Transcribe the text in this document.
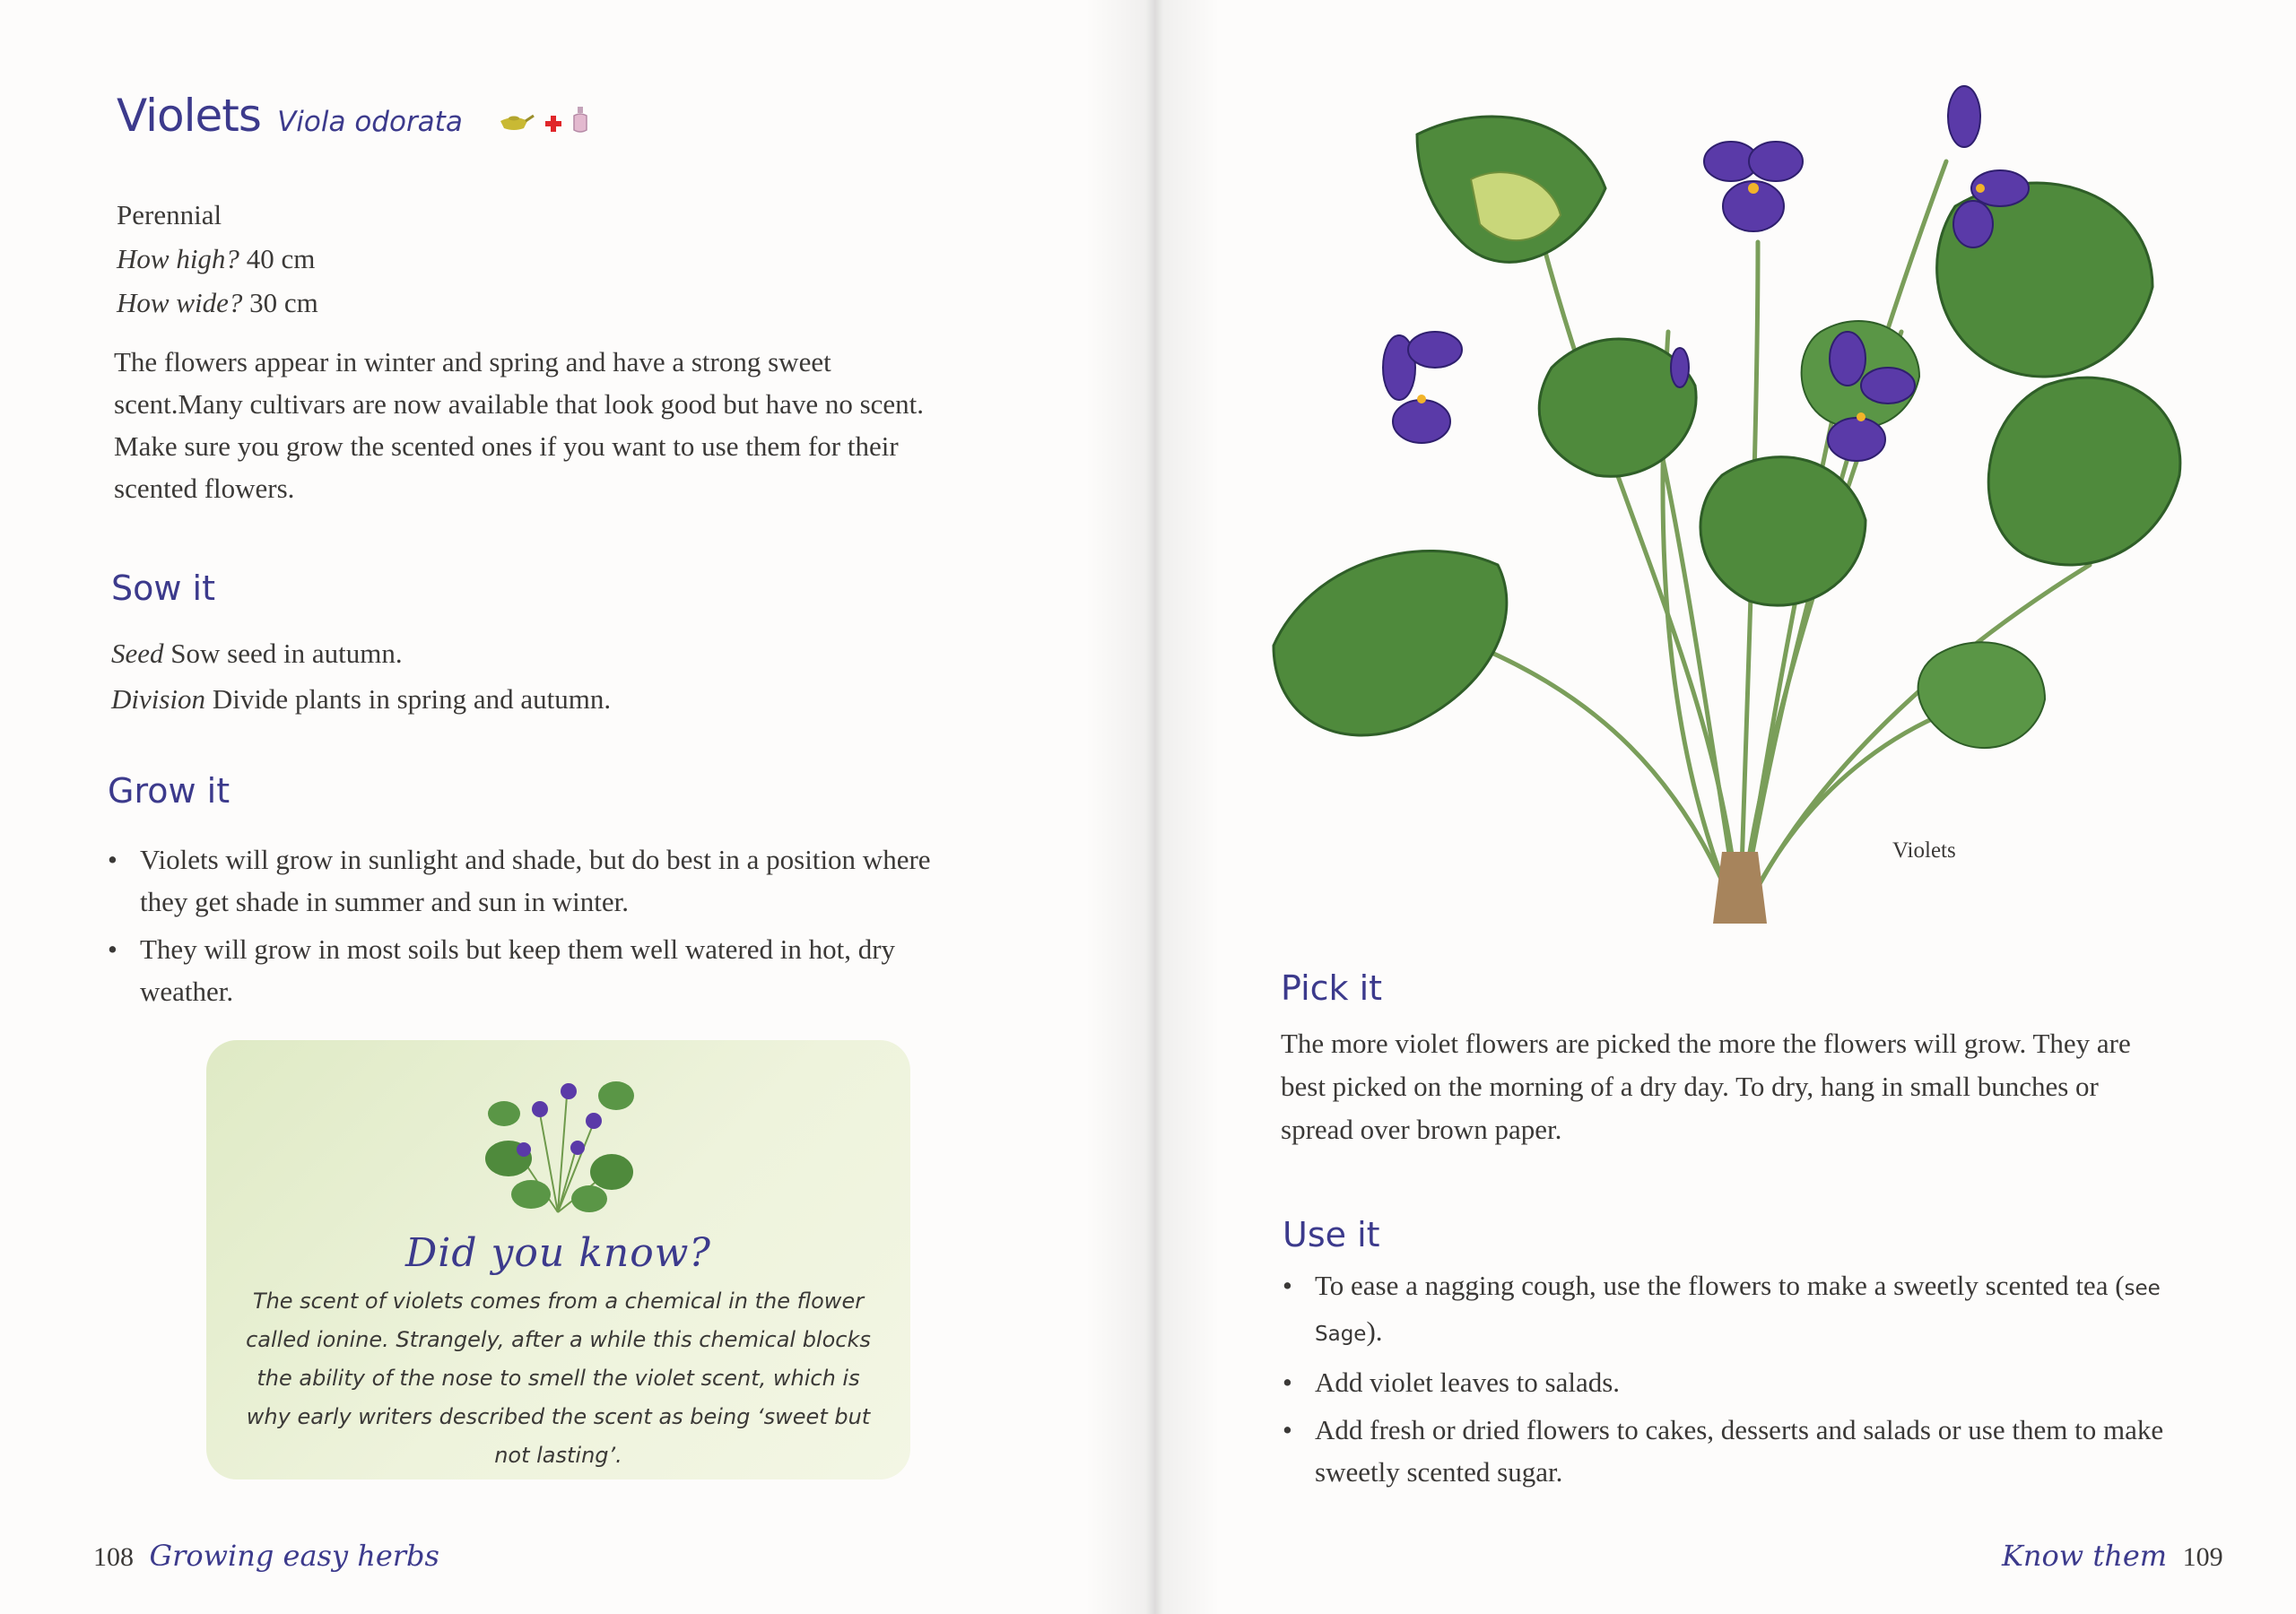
Violets Viola odorata
Perennial
How high? 40 cm
How wide? 30 cm

The flowers appear in winter and spring and have a strong sweet scent.Many cultivars are now available that look good but have no scent. Make sure you grow the scented ones if you want to use them for their scented flowers.

Sow it
Seed Sow seed in autumn.
Division Divide plants in spring and autumn.
Grow it
• Violets will grow in sunlight and shade, but do best in a position where they get shade in summer and sun in winter.
• They will grow in most soils but keep them well watered in hot, dry weather.
Did you know?
The scent of violets comes from a chemical in the flower called ionine. Strangely, after a while this chemical blocks the ability of the nose to smell the violet scent, which is why early writers described the scent as being ‘sweet but not lasting’.
108 Growing easy herbs
Violets
Pick it

The more violet flowers are picked the more the flowers will grow. They are best picked on the morning of a dry day. To dry, hang in small bunches or spread over brown paper.

Use it
• To ease a nagging cough, use the flowers to make a sweetly scented tea (see Sage).
• Add violet leaves to salads.
• Add fresh or dried flowers to cakes, desserts and salads or use them to make sweetly scented sugar.
Know them 109
